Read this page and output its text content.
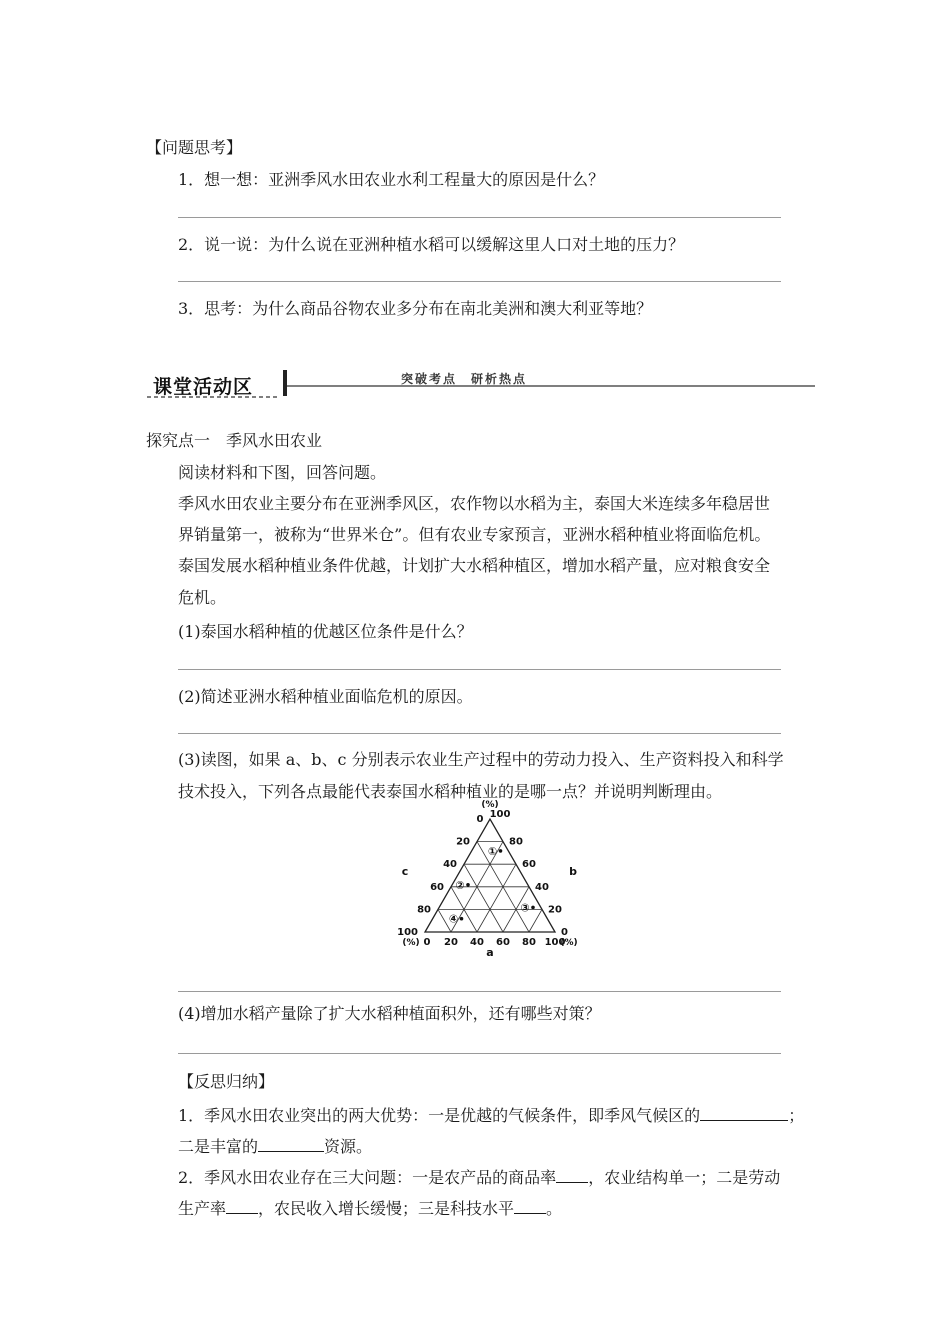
【问题思考】
1．想一想：亚洲季风水田农业水利工程量大的原因是什么？
2．说一说：为什么说在亚洲种植水稻可以缓解这里人口对土地的压力？
3．思考：为什么商品谷物农业多分布在南北美洲和澳大利亚等地？
课堂活动区	突破考点　研析热点
探究点一　季风水田农业
阅读材料和下图，回答问题。
季风水田农业主要分布在亚洲季风区，农作物以水稻为主，泰国大米连续多年稳居世
界销量第一，被称为“世界米仓”。但有农业专家预言，亚洲水稻种植业将面临危机。
泰国发展水稻种植业条件优越，计划扩大水稻种植区，增加水稻产量，应对粮食安全
危机。
(1)泰国水稻种植的优越区位条件是什么？
(2)简述亚洲水稻种植业面临危机的原因。
(3)读图，如果 a、b、c 分别表示农业生产过程中的劳动力投入、生产资料投入和科学
技术投入，下列各点最能代表泰国水稻种植业的是哪一点？并说明判断理由。
0 100
(%)
20
40
60
80
100
80
60
40
20
0
0 20 40 60 80 100
(%)
(%)
c	b
a
①
②
③
④
(4)增加水稻产量除了扩大水稻种植面积外，还有哪些对策？
【反思归纳】
1．季风水田农业突出的两大优势：一是优越的气候条件，即季风气候区的	；
二是丰富的	资源。
2．季风水田农业存在三大问题：一是农产品的商品率 ，农业结构单一；二是劳动
生产率 ，农民收入增长缓慢；三是科技水平 。
